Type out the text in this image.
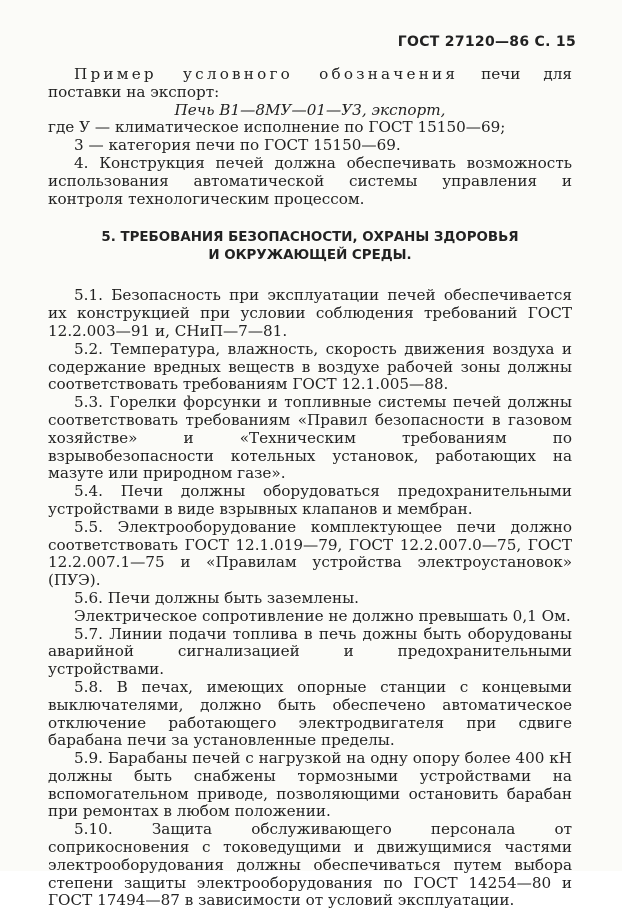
ГОСТ 27120—86 С. 15

Пример условного обозначения печи для поставки на экспорт:

Печь В1—8МУ—01—У3, экспорт,

где У — климатическое исполнение по ГОСТ 15150—69;

3 — категория печи по ГОСТ 15150—69.

4. Конструкция печей должна обеспечивать возможность использования автоматической системы управления и контроля технологическим процессом.

5. ТРЕБОВАНИЯ БЕЗОПАСНОСТИ, ОХРАНЫ ЗДОРОВЬЯ
И ОКРУЖАЮЩЕЙ СРЕДЫ.

5.1. Безопасность при эксплуатации печей обеспечивается их конструкцией при условии соблюдения требований ГОСТ 12.2.003—91 и, СНиП—7—81.

5.2. Температура, влажность, скорость движения воздуха и содержание вредных веществ в воздухе рабочей зоны должны соответствовать требованиям ГОСТ 12.1.005—88.

5.3. Горелки форсунки и топливные системы печей должны соответствовать требованиям «Правил безопасности в газовом хозяйстве» и «Техническим требованиям по взрывобезопасности котельных установок, работающих на мазуте или природном газе».

5.4. Печи должны оборудоваться предохранительными устройствами в виде взрывных клапанов и мембран.

5.5. Электрооборудование комплектующее печи должно соответствовать ГОСТ 12.1.019—79, ГОСТ 12.2.007.0—75, ГОСТ 12.2.007.1—75 и «Правилам устройства электроустановок» (ПУЭ).

5.6. Печи должны быть заземлены.

Электрическое сопротивление не должно превышать 0,1 Ом.

5.7. Линии подачи топлива в печь дожны быть оборудованы аварийной сигнализацией и предохранительными устройствами.

5.8. В печах, имеющих опорные станции с концевыми выключателями, должно быть обеспечено автоматическое отключение работающего электродвигателя при сдвиге барабана печи за установленные пределы.

5.9. Барабаны печей с нагрузкой на одну опору более 400 кН должны быть снабжены тормозными устройствами на вспомогательном приводе, позволяющими остановить барабан при ремонтах в любом положении.

5.10. Защита обслуживающего персонала от соприкосновения с токоведущими и движущимися частями электрооборудования должны обеспечиваться путем выбора степени защиты электрооборудования по ГОСТ 14254—80 и ГОСТ 17494—87 в зависимости от условий эксплуатации.
